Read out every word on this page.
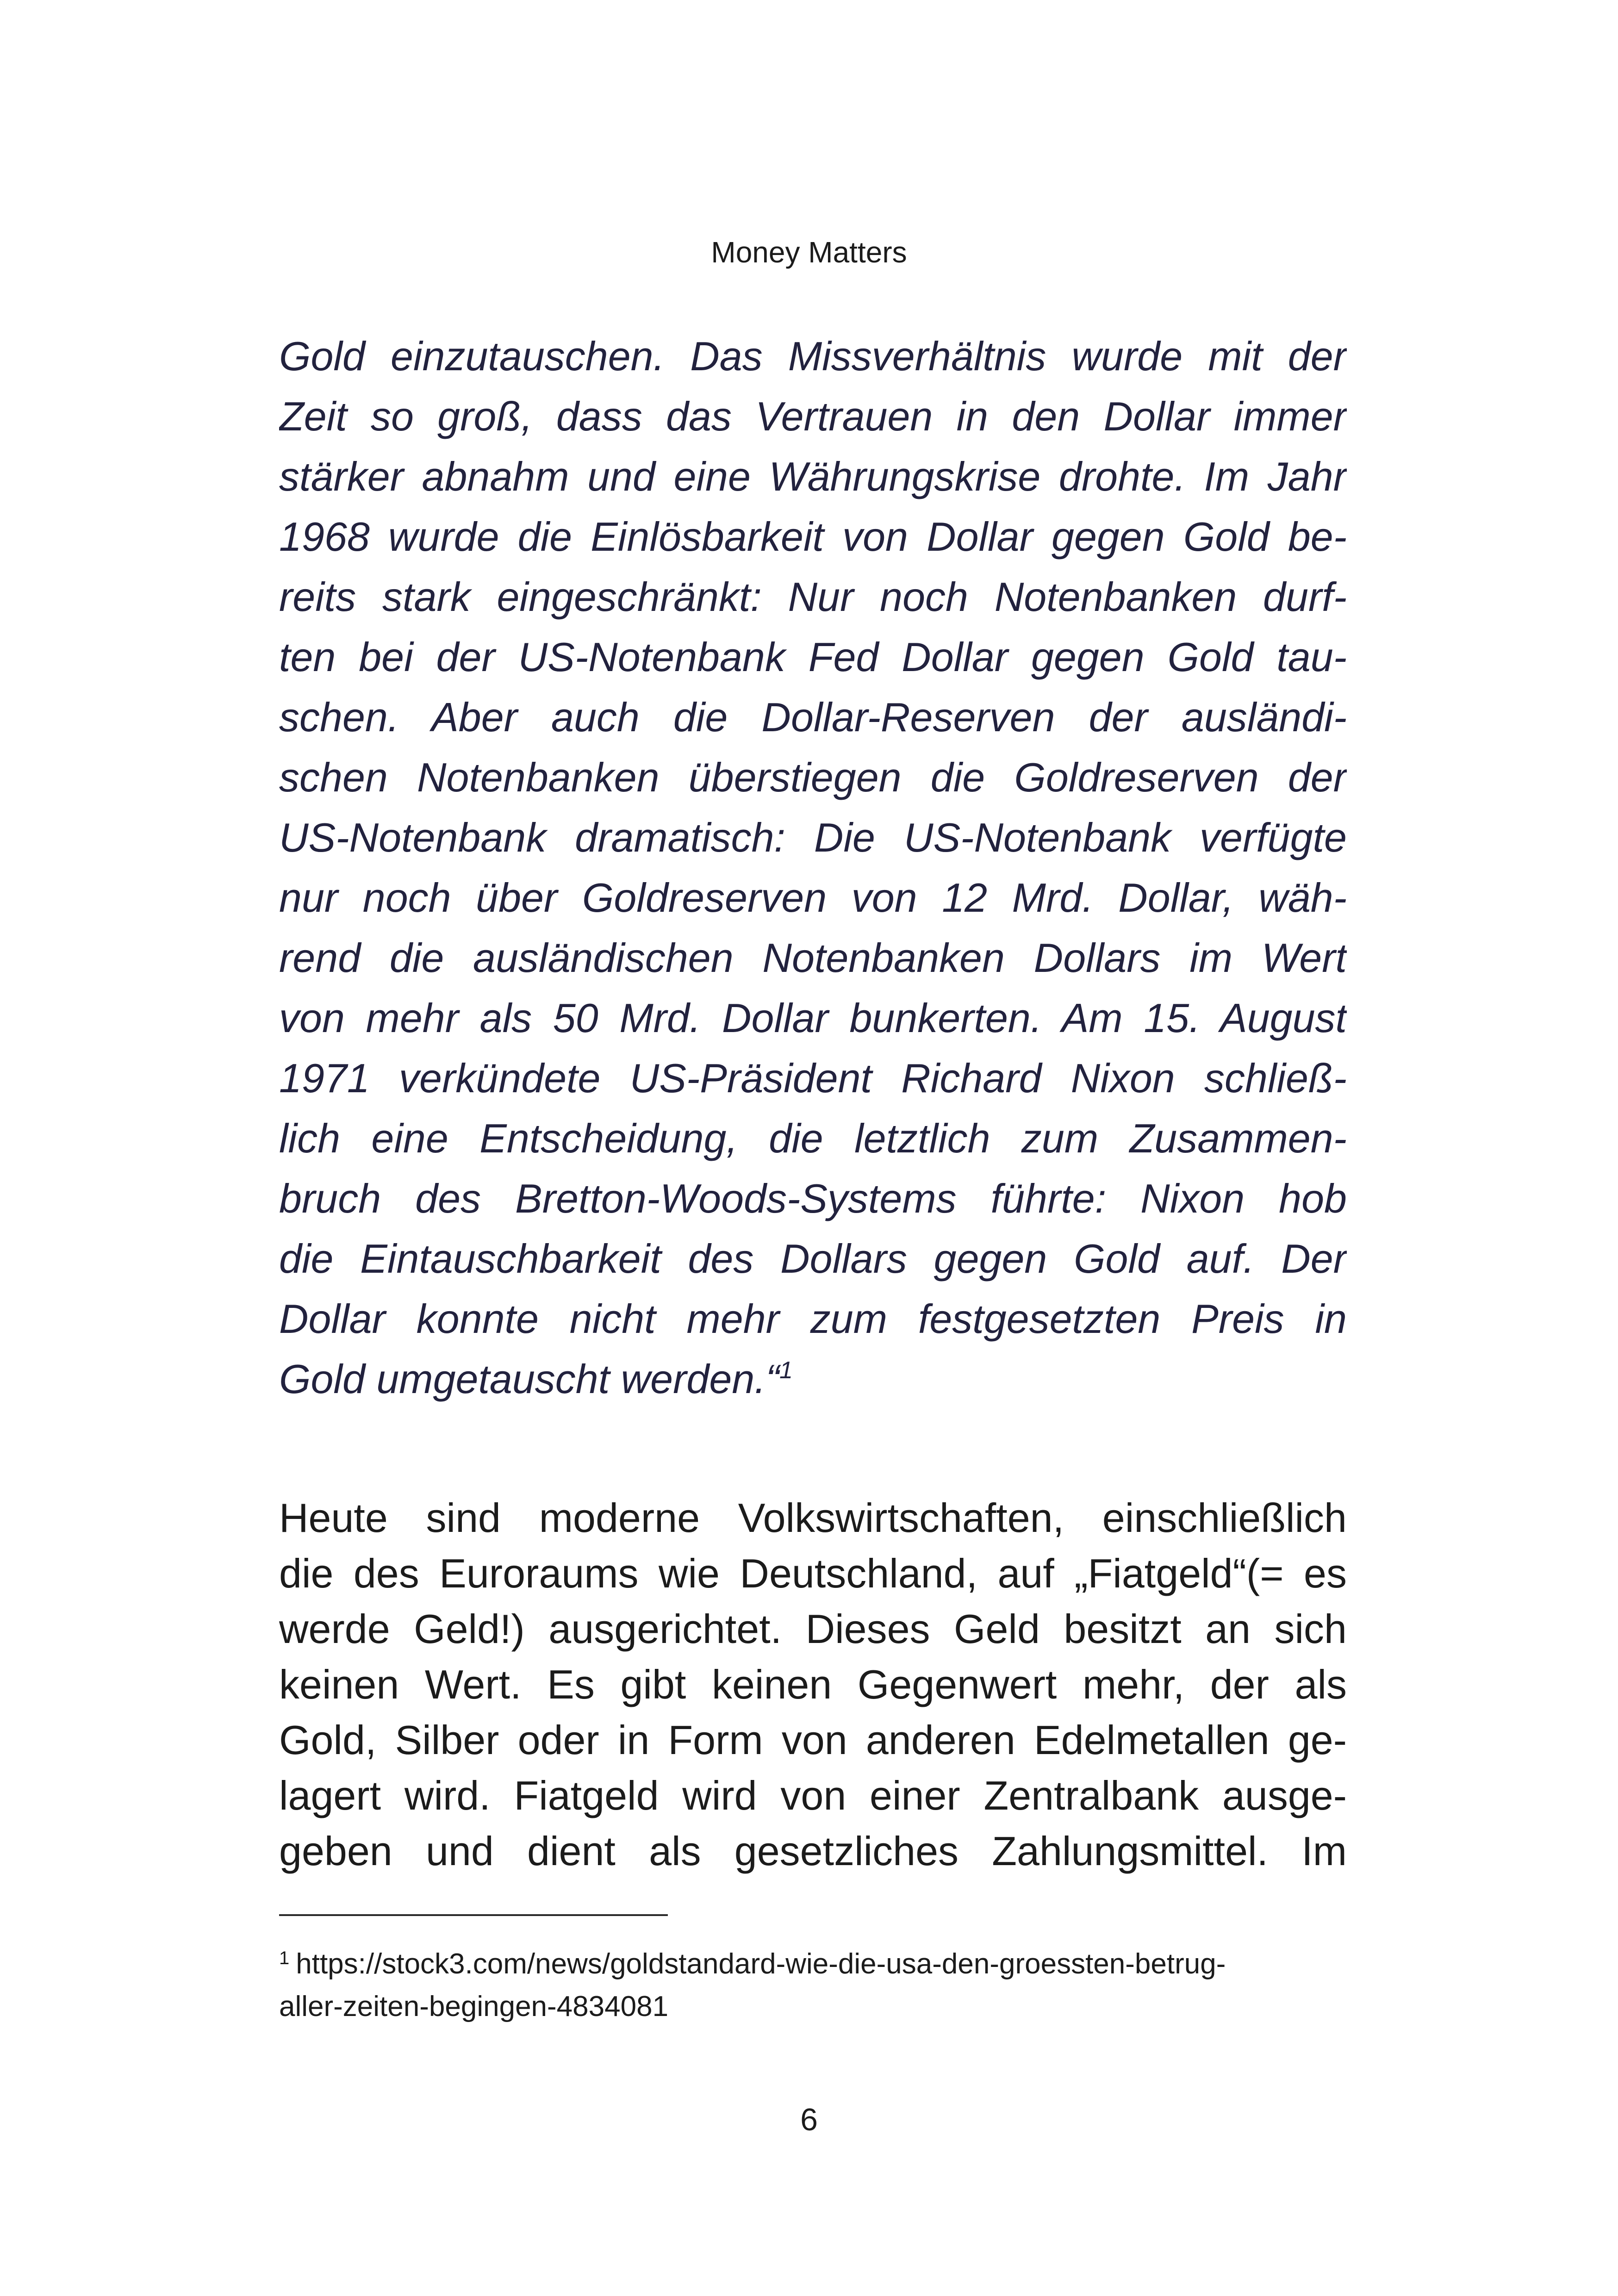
Money Matters
Gold einzutauschen. Das Missverhältnis wurde mit der
Zeit so groß, dass das Vertrauen in den Dollar immer
stärker abnahm und eine Währungskrise drohte. Im Jahr
1968 wurde die Einlösbarkeit von Dollar gegen Gold be-
reits stark eingeschränkt: Nur noch Notenbanken durf-
ten bei der US-Notenbank Fed Dollar gegen Gold tau-
schen. Aber auch die Dollar-Reserven der ausländi-
schen Notenbanken überstiegen die Goldreserven der
US-Notenbank dramatisch: Die US-Notenbank verfügte
nur noch über Goldreserven von 12 Mrd. Dollar, wäh-
rend die ausländischen Notenbanken Dollars im Wert
von mehr als 50 Mrd. Dollar bunkerten. Am 15. August
1971 verkündete US-Präsident Richard Nixon schließ-
lich eine Entscheidung, die letztlich zum Zusammen-
bruch des Bretton-Woods-Systems führte: Nixon hob
die Eintauschbarkeit des Dollars gegen Gold auf. Der
Dollar konnte nicht mehr zum festgesetzten Preis in
Gold umgetauscht werden.“$^1$
Heute sind moderne Volkswirtschaften, einschließlich
die des Euroraums wie Deutschland, auf „Fiatgeld“(= es
werde Geld!) ausgerichtet. Dieses Geld besitzt an sich
keinen Wert. Es gibt keinen Gegenwert mehr, der als
Gold, Silber oder in Form von anderen Edelmetallen ge-
lagert wird. Fiatgeld wird von einer Zentralbank ausge-
geben und dient als gesetzliches Zahlungsmittel. Im
$^1$ https://stock3.com/news/goldstandard-wie-die-usa-den-groessten-betrug-
aller-zeiten-begingen-4834081
6
